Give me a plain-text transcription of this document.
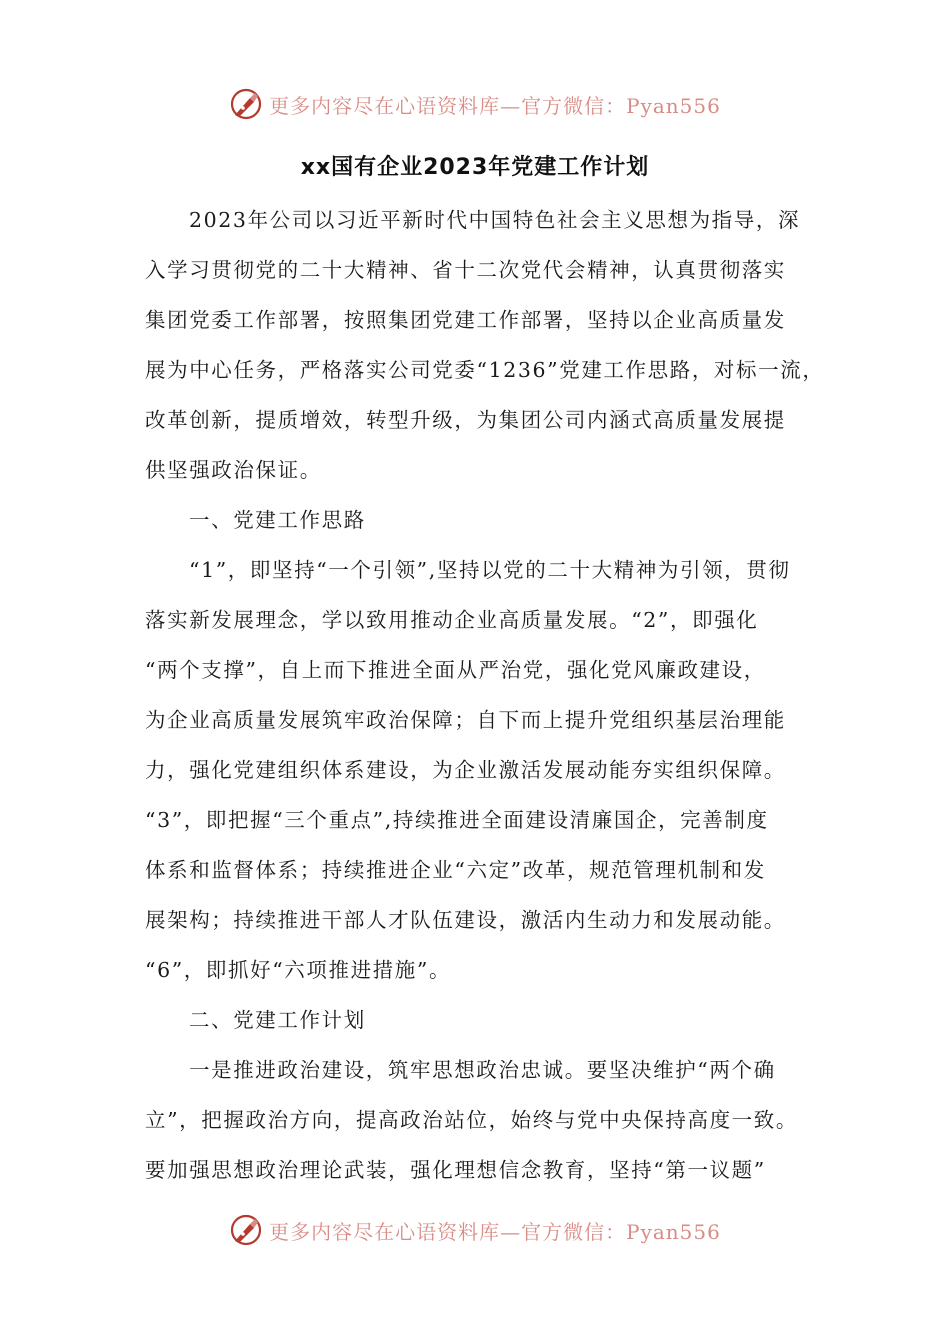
更多内容尽在心语资料库—官方微信：Pyan556
xx国有企业2023年党建工作计划
2023年公司以习近平新时代中国特色社会主义思想为指导，深
入学习贯彻党的二十大精神、省十二次党代会精神，认真贯彻落实
集团党委工作部署，按照集团党建工作部署，坚持以企业高质量发
展为中心任务，严格落实公司党委“1236”党建工作思路，对标一流，
改革创新，提质增效，转型升级，为集团公司内涵式高质量发展提
供坚强政治保证。
一、党建工作思路
“1”，即坚持“一个引领”,坚持以党的二十大精神为引领，贯彻
落实新发展理念，学以致用推动企业高质量发展。“2”，即强化
“两个支撑”，自上而下推进全面从严治党，强化党风廉政建设，
为企业高质量发展筑牢政治保障；自下而上提升党组织基层治理能
力，强化党建组织体系建设，为企业激活发展动能夯实组织保障。
“3”，即把握“三个重点”,持续推进全面建设清廉国企，完善制度
体系和监督体系；持续推进企业“六定”改革，规范管理机制和发
展架构；持续推进干部人才队伍建设，激活内生动力和发展动能。
“6”，即抓好“六项推进措施”。
二、党建工作计划
一是推进政治建设，筑牢思想政治忠诚。要坚决维护“两个确
立”，把握政治方向，提高政治站位，始终与党中央保持高度一致。
要加强思想政治理论武装，强化理想信念教育，坚持“第一议题”
更多内容尽在心语资料库—官方微信：Pyan556
